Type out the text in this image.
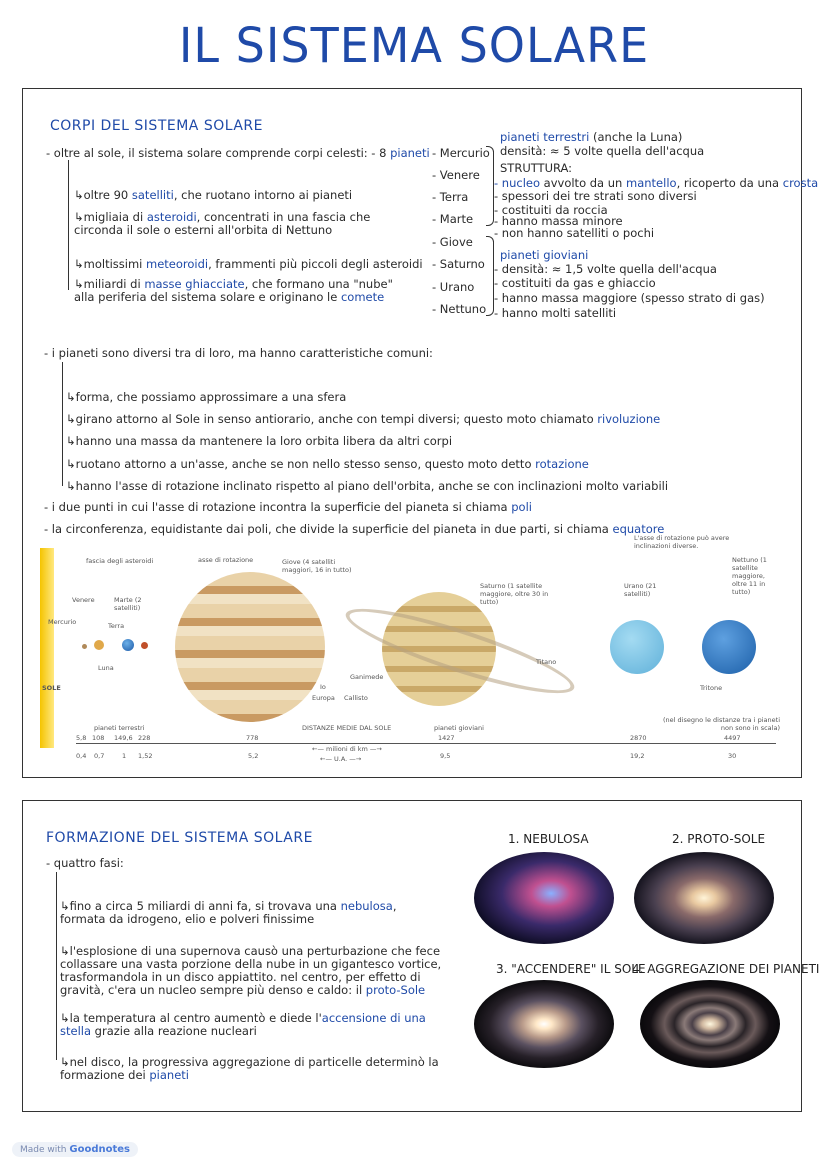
IL SISTEMA SOLARE
CORPI DEL SISTEMA SOLARE
- oltre al sole, il sistema solare comprende corpi celesti: - 8 pianeti
↳oltre 90 satelliti, che ruotano intorno ai pianeti
↳migliaia di asteroidi, concentrati in una fascia che circonda il sole o esterni all'orbita di Nettuno
↳moltissimi meteoroidi, frammenti più piccoli degli asteroidi
↳miliardi di masse ghiacciate, che formano una "nube" alla periferia del sistema solare e originano le comete
- Mercurio
- Venere
- Terra
- Marte
- Giove
- Saturno
- Urano
- Nettuno
pianeti terrestri (anche la Luna)
densità: ≈ 5 volte quella dell'acqua
STRUTTURA:
- nucleo avvolto da un mantello, ricoperto da una crosta
- spessori dei tre strati sono diversi
- costituiti da roccia
- hanno massa minore
- non hanno satelliti o pochi
pianeti gioviani
- densità: ≈ 1,5 volte quella dell'acqua
- costituiti da gas e ghiaccio
- hanno massa maggiore (spesso strato di gas)
- hanno molti satelliti
- i pianeti sono diversi tra di loro, ma hanno caratteristiche comuni:
↳forma, che possiamo approssimare a una sfera
↳girano attorno al Sole in senso antiorario, anche con tempi diversi; questo moto chiamato rivoluzione
↳hanno una massa da mantenere la loro orbita libera da altri corpi
↳ruotano attorno a un'asse, anche se non nello stesso senso, questo moto detto rotazione
↳hanno l'asse di rotazione inclinato rispetto al piano dell'orbita, anche se con inclinazioni molto variabili
- i due punti in cui l'asse di rotazione incontra la superficie del pianeta si chiama poli
- la circonferenza, equidistante dai poli, che divide la superficie del pianeta in due parti, si chiama equatore
SOLE
fascia degli asteroidi
Venere	Marte (2 satelliti)
Terra
Mercurio
Luna
asse di rotazione	Giove (4 satelliti maggiori, 16 in tutto)
Io
Ganimede
Europa Callisto
Saturno (1 satellite maggiore, oltre 30 in tutto)
Titano
Urano (21 satelliti)
L'asse di rotazione può avere inclinazioni diverse.
Nettuno (1 satellite maggiore, oltre 11 in tutto)
Tritone
pianeti terrestri	DISTANZE MEDIE DAL SOLE	pianeti gioviani
(nel disegno le distanze tra i pianeti non sono in scala)
5,8 108 149,6 228	778	1427	2870	4497
←— milioni di km —→
←— U.A. —→
0,4 0,7	1 1,52	5,2	9,5	19,2	30
FORMAZIONE DEL SISTEMA SOLARE
- quattro fasi:
↳fino a circa 5 miliardi di anni fa, si trovava una nebulosa, formata da idrogeno, elio e polveri finissime
↳l'esplosione di una supernova causò una perturbazione che fece collassare una vasta porzione della nube in un gigantesco vortice, trasformandola in un disco appiattito. nel centro, per effetto di gravità, c'era un nucleo sempre più denso e caldo: il proto-Sole
↳la temperatura al centro aumentò e diede l'accensione di una stella grazie alla reazione nucleari
↳nel disco, la progressiva aggregazione di particelle determinò la formazione dei pianeti
1. NEBULOSA	2. PROTO-SOLE
3. "ACCENDERE" IL SOLE
4. AGGREGAZIONE DEI PIANETI
Made with Goodnotes
